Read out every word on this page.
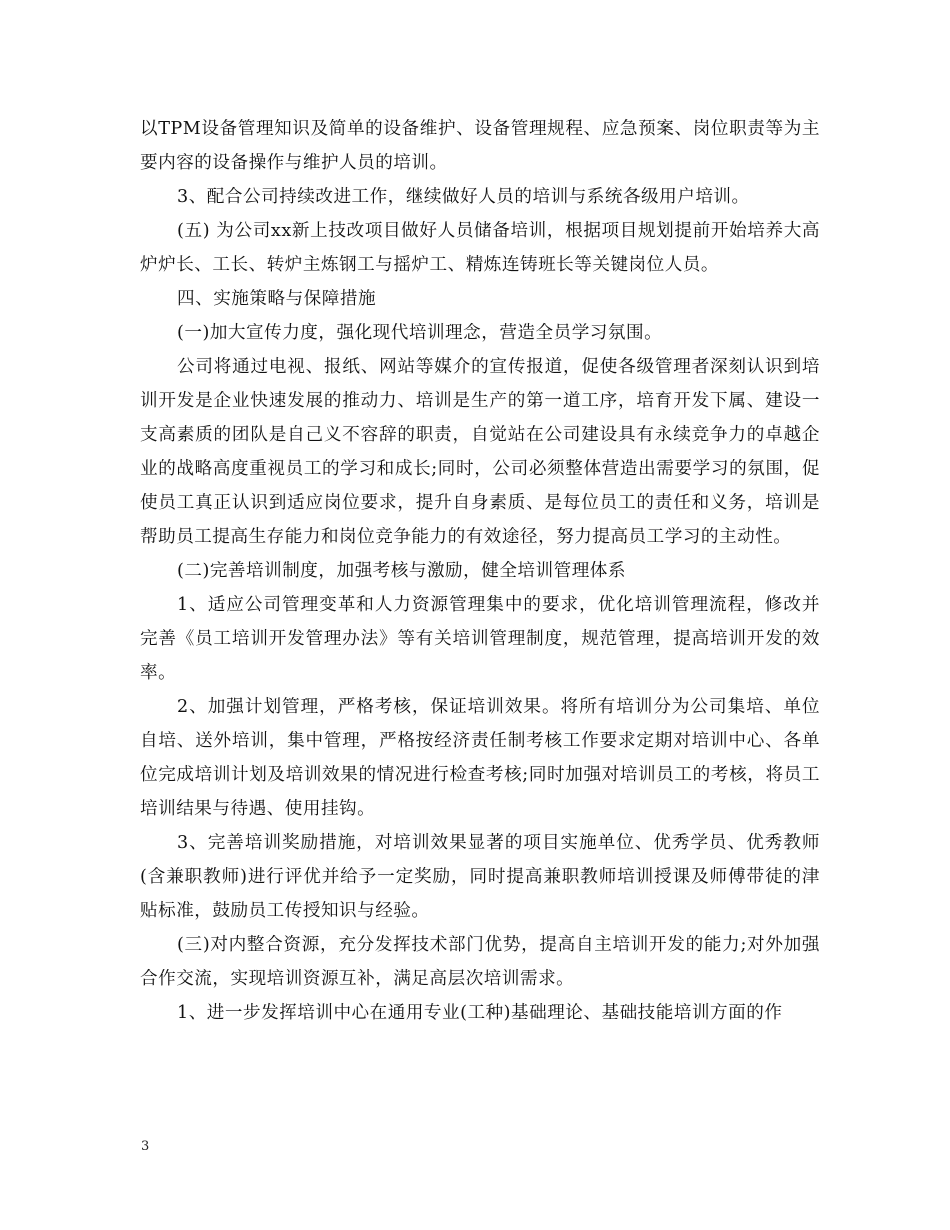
以TPM设备管理知识及简单的设备维护、设备管理规程、应急预案、岗位职责等为主要内容的设备操作与维护人员的培训。

3、配合公司持续改进工作，继续做好人员的培训与系统各级用户培训。

(五) 为公司xx新上技改项目做好人员储备培训，根据项目规划提前开始培养大高炉炉长、工长、转炉主炼钢工与摇炉工、精炼连铸班长等关键岗位人员。

四、实施策略与保障措施

(一)加大宣传力度，强化现代培训理念，营造全员学习氛围。

公司将通过电视、报纸、网站等媒介的宣传报道，促使各级管理者深刻认识到培训开发是企业快速发展的推动力、培训是生产的第一道工序，培育开发下属、建设一支高素质的团队是自己义不容辞的职责，自觉站在公司建设具有永续竞争力的卓越企业的战略高度重视员工的学习和成长;同时，公司必须整体营造出需要学习的氛围，促使员工真正认识到适应岗位要求，提升自身素质、是每位员工的责任和义务，培训是帮助员工提高生存能力和岗位竞争能力的有效途径，努力提高员工学习的主动性。

(二)完善培训制度，加强考核与激励，健全培训管理体系

1、适应公司管理变革和人力资源管理集中的要求，优化培训管理流程，修改并完善《员工培训开发管理办法》等有关培训管理制度，规范管理，提高培训开发的效率。

2、加强计划管理，严格考核，保证培训效果。将所有培训分为公司集培、单位自培、送外培训，集中管理，严格按经济责任制考核工作要求定期对培训中心、各单位完成培训计划及培训效果的情况进行检查考核;同时加强对培训员工的考核，将员工培训结果与待遇、使用挂钩。

3、完善培训奖励措施，对培训效果显著的项目实施单位、优秀学员、优秀教师(含兼职教师)进行评优并给予一定奖励，同时提高兼职教师培训授课及师傅带徒的津贴标准，鼓励员工传授知识与经验。

(三)对内整合资源，充分发挥技术部门优势，提高自主培训开发的能力;对外加强合作交流，实现培训资源互补，满足高层次培训需求。

1、进一步发挥培训中心在通用专业(工种)基础理论、基础技能培训方面的作

3
